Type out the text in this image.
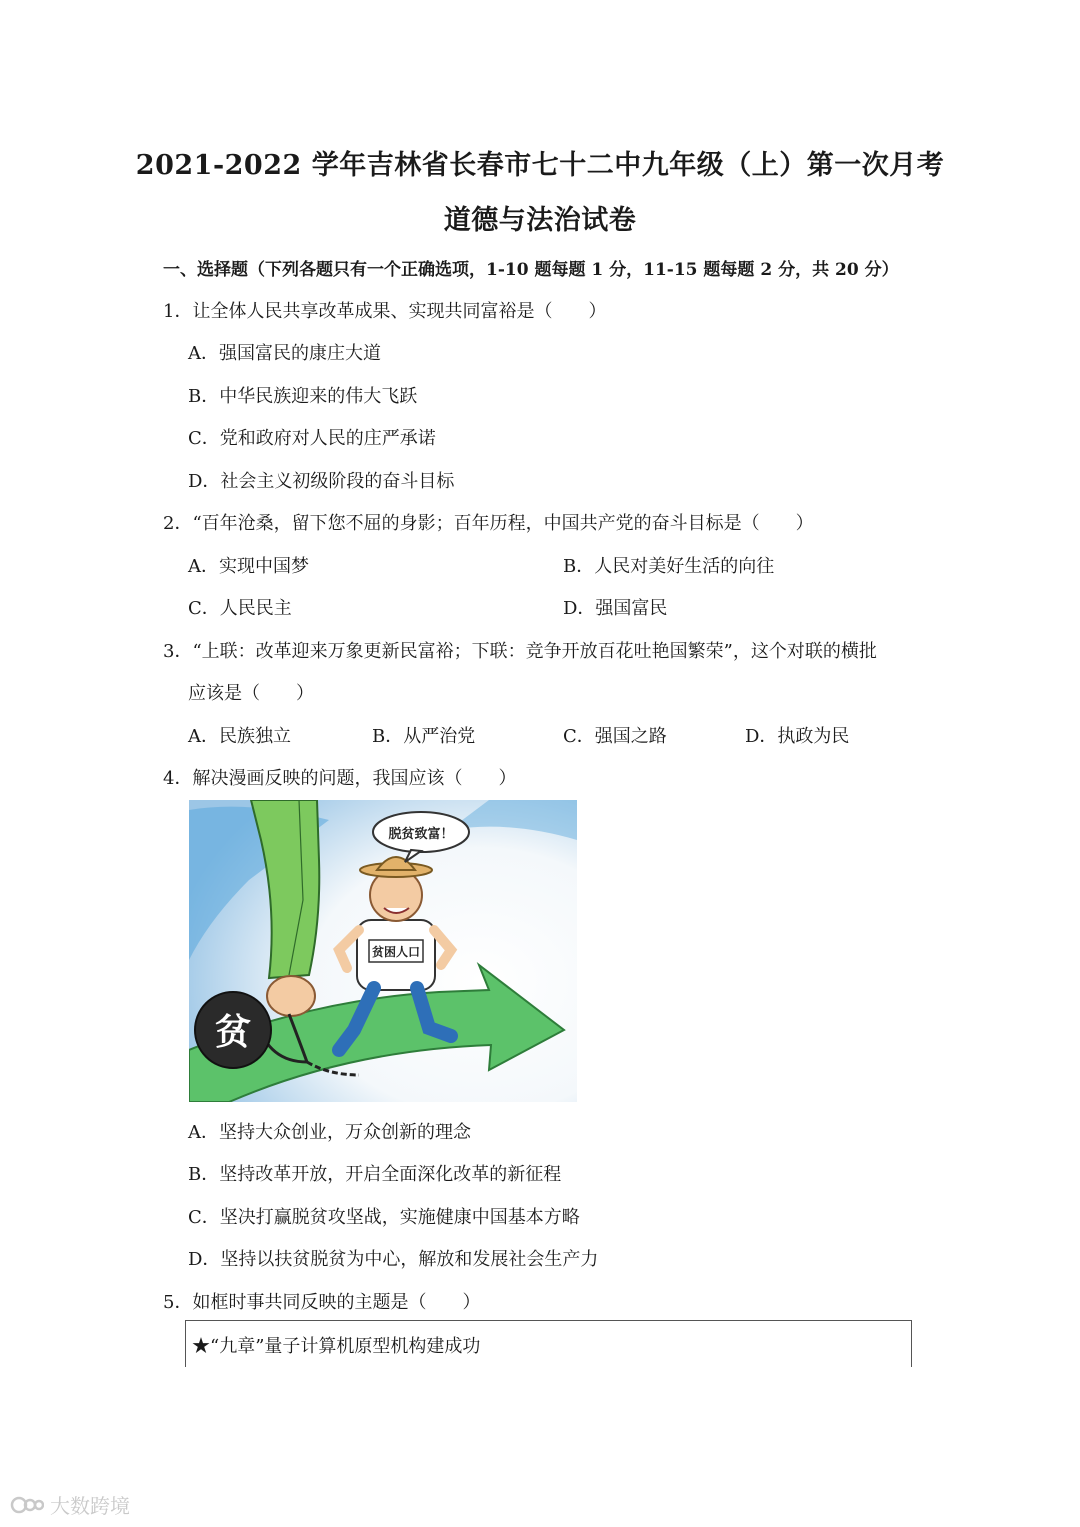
2021-2022 学年吉林省长春市七十二中九年级（上）第一次月考
道德与法治试卷
一、选择题（下列各题只有一个正确选项，1-10 题每题 1 分，11-15 题每题 2 分，共 20 分）
1．让全体人民共享改革成果、实现共同富裕是（　　）
A．强国富民的康庄大道
B．中华民族迎来的伟大飞跃
C．党和政府对人民的庄严承诺
D．社会主义初级阶段的奋斗目标
2．“百年沧桑，留下您不屈的身影；百年历程，中国共产党的奋斗目标是（　　）
A．实现中国梦	B．人民对美好生活的向往
C．人民民主	D．强国富民
3．“上联：改革迎来万象更新民富裕；下联：竞争开放百花吐艳国繁荣”，这个对联的横批
应该是（　　）
A．民族独立	B．从严治党	C．强国之路	D．执政为民
4．解决漫画反映的问题，我国应该（　　）
贫
贫困人口
脱贫致富！
A．坚持大众创业，万众创新的理念
B．坚持改革开放，开启全面深化改革的新征程
C．坚决打赢脱贫攻坚战，实施健康中国基本方略
D．坚持以扶贫脱贫为中心，解放和发展社会生产力
5．如框时事共同反映的主题是（　　）
★“九章”量子计算机原型机构建成功
大数跨境
